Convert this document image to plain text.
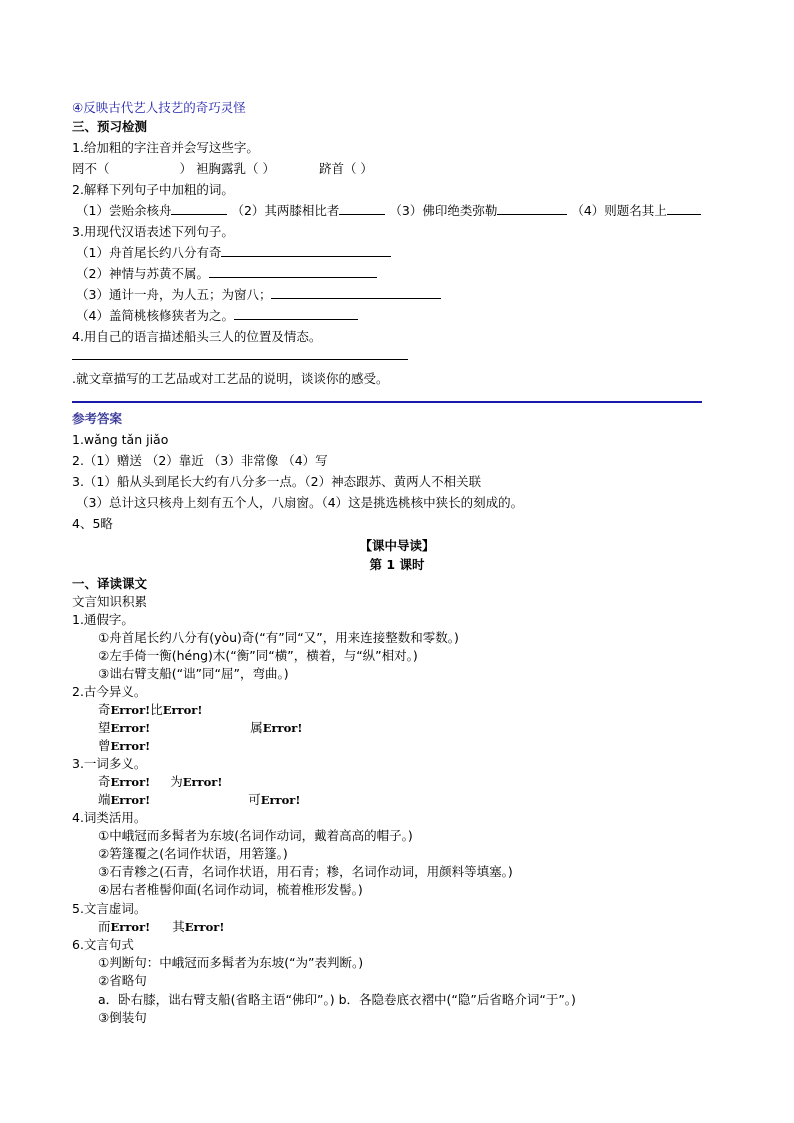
④反映古代艺人技艺的奇巧灵怪
三、预习检测
1.给加粗的字注音并会写这些字。
罔不（	） 袒胸露乳（ ）	跻首（ ）
2.解释下列句子中加粗的词。
（1）尝贻余核舟	（2）其两膝相比者	（3）佛印绝类弥勒	（4）则题名其上
3.用现代汉语表述下列句子。
（1）舟首尾长约八分有奇
（2）神情与苏黄不属。
（3）通计一舟，为人五；为窗八；
（4）盖简桃核修狭者为之。
4.用自己的语言描述船头三人的位置及情态。
.就文章描写的工艺品或对工艺品的说明，谈谈你的感受。
参考答案
1.wǎng tǎn jiǎo
2.（1）赠送 （2）靠近 （3）非常像 （4）写
3.（1）船从头到尾长大约有八分多一点。（2）神态跟苏、黄两人不相关联
（3）总计这只核舟上刻有五个人，八扇窗。（4）这是挑选桃核中狭长的刻成的。
4、5略
【课中导读】
第 1 课时
一、译读课文
文言知识积累
1.通假字。
①舟首尾长约八分有(yòu)奇(“有”同“又”，用来连接整数和零数。)
②左手倚一衡(héng)木(“衡”同“横”，横着，与“纵”相对。)
③诎右臂支船(“诎”同“屈”，弯曲。)
2.古今异义。
奇Error!比Error!
望Error!	属Error!
曾Error!
3.一词多义。
奇Error! 为Error!
端Error!	可Error!
4.词类活用。
①中峨冠而多髯者为东坡(名词作动词，戴着高高的帽子。)
②箬篷覆之(名词作状语，用箬篷。)
③石青糁之(石青，名词作状语，用石青；糁，名词作动词，用颜料等填塞。)
④居右者椎髻仰面(名词作动词，梳着椎形发髻。)
5.文言虚词。
而Error! 其Error!
6.文言句式
①判断句：中峨冠而多髯者为东坡(“为”表判断。)
②省略句
a．卧右膝，诎右臂支船(省略主语“佛印”。) b．各隐卷底衣褶中(“隐”后省略介词“于”。)
③倒装句
